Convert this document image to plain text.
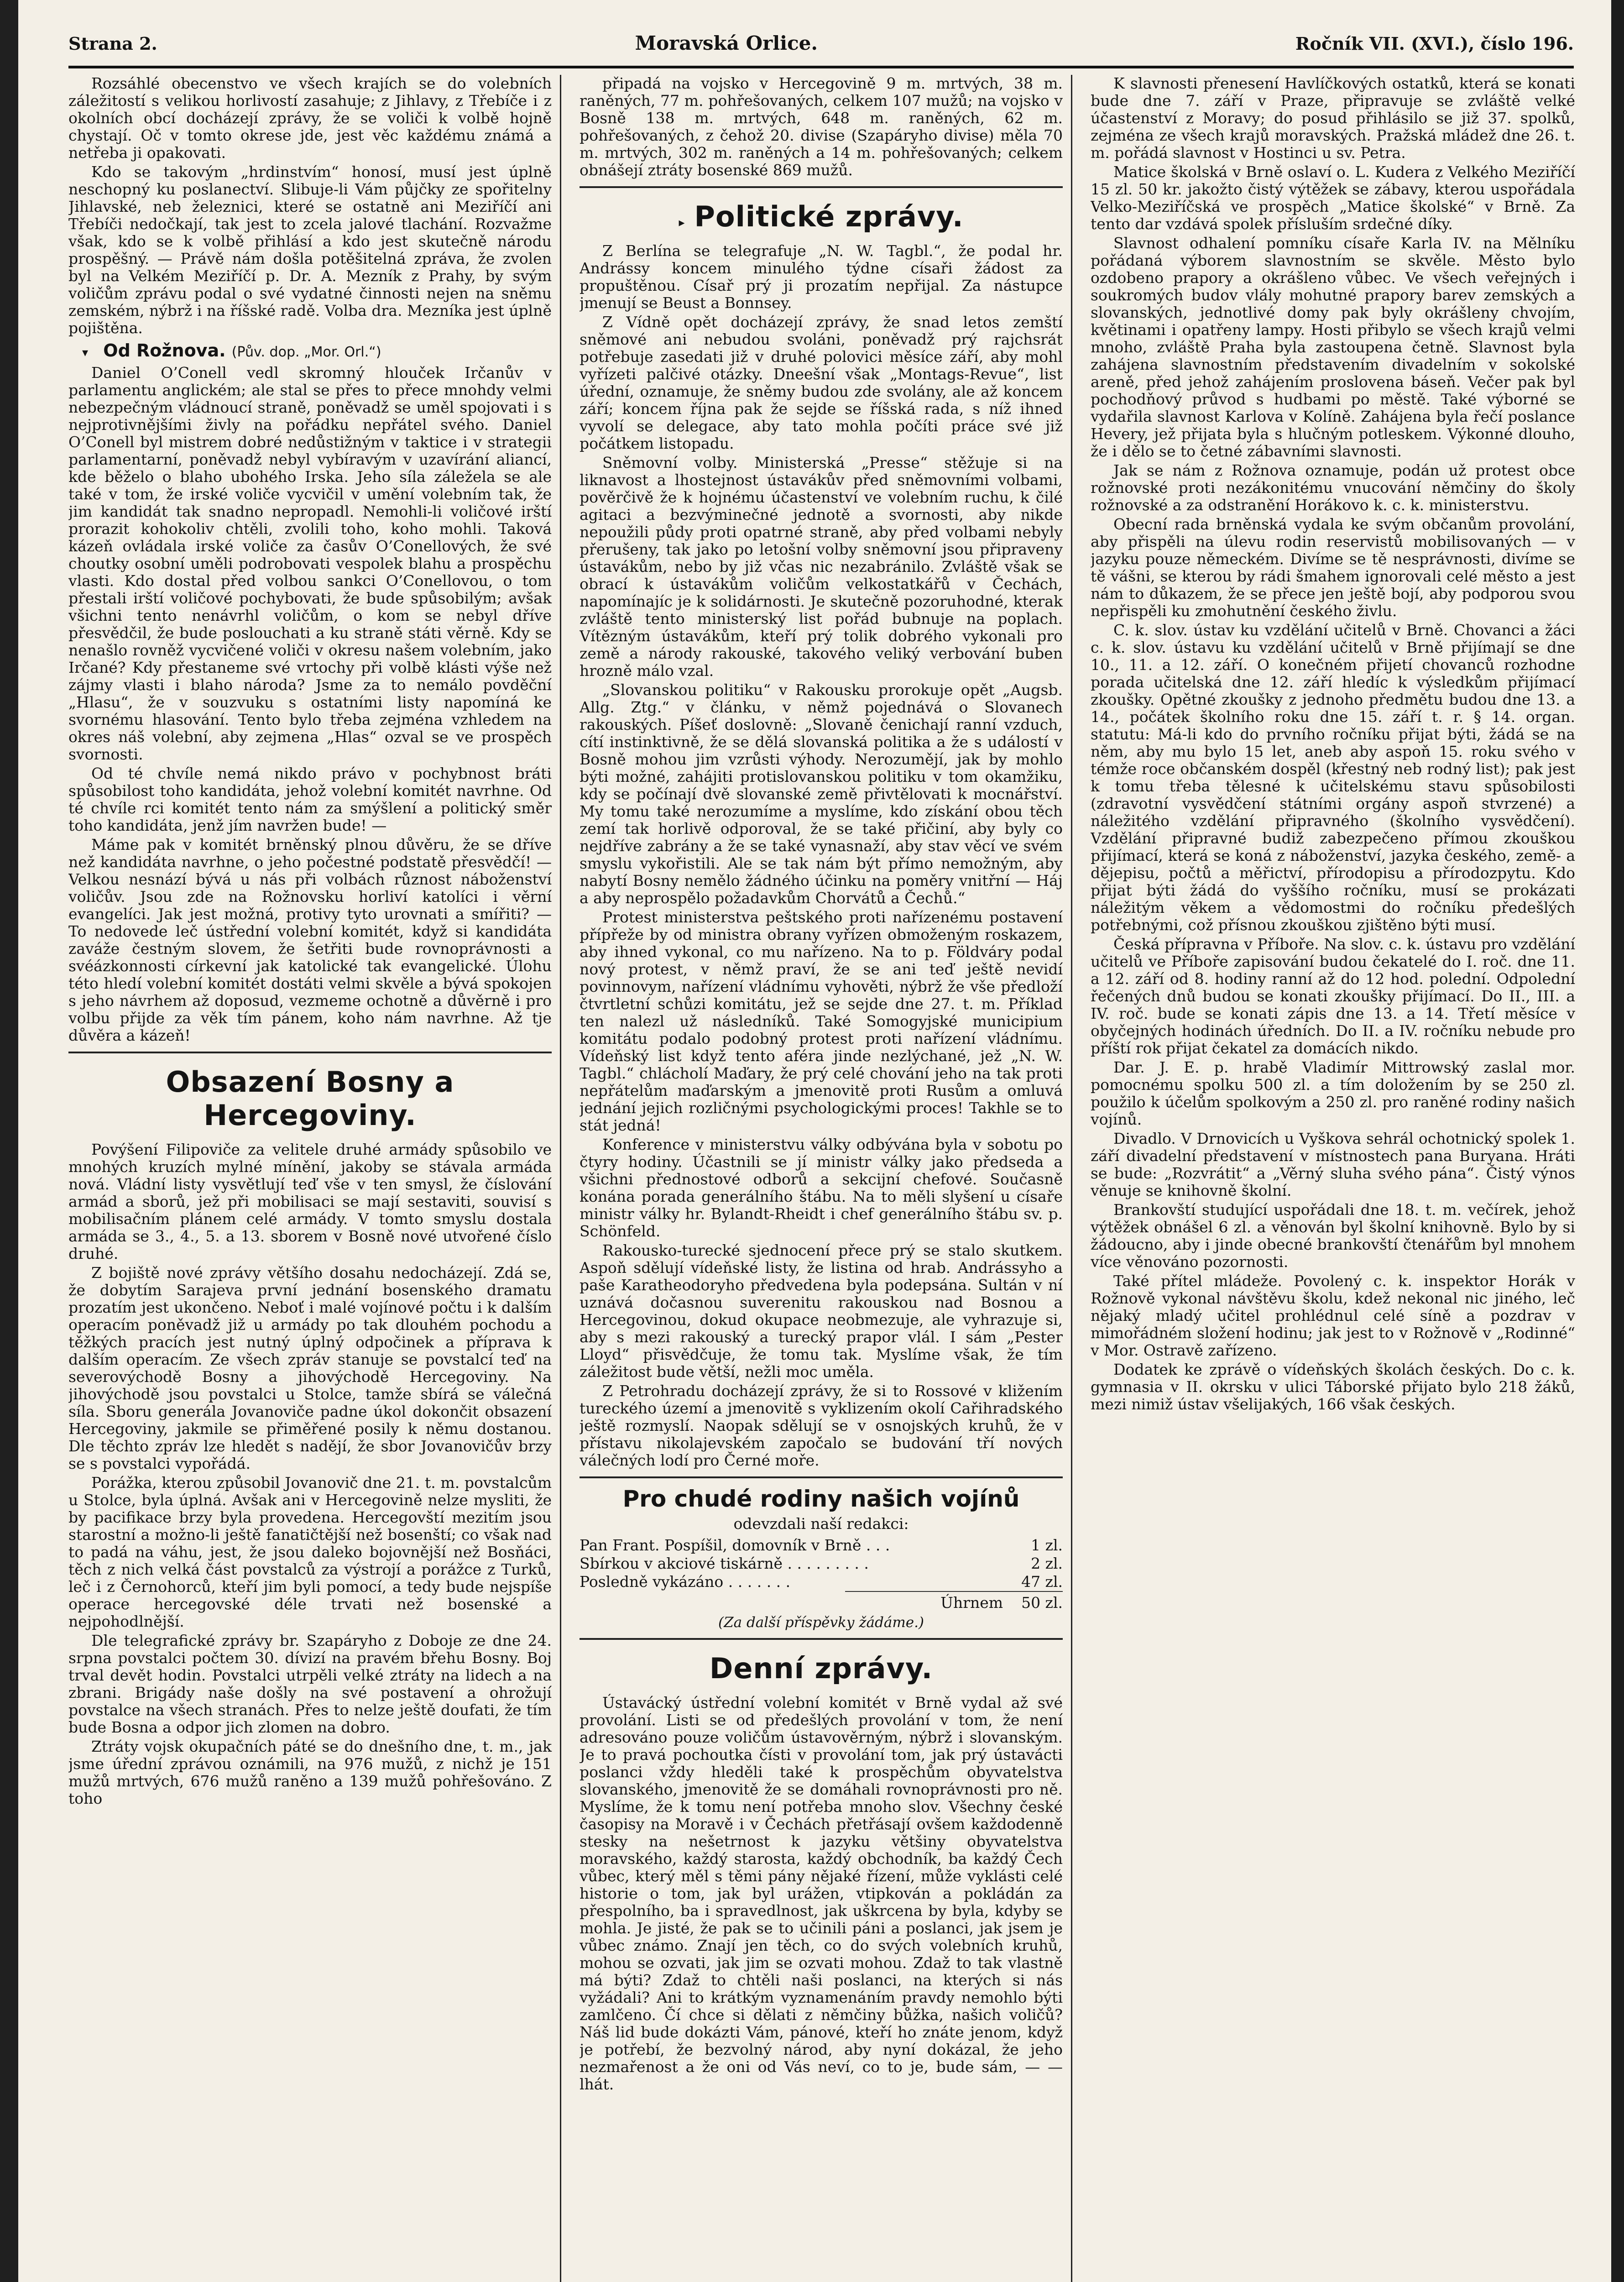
Strana 2.	Moravská Orlice.	Ročník VII. (XVI.), číslo 196.

Rozsáhlé obecenstvo ve všech krajích se do volebních záležitostí s velikou horlivostí zasahuje; z Jihlavy, z Třebíče i z okolních obcí docházejí zprávy, že se voliči k volbě hojně chystají. Oč v tomto okrese jde, jest věc každému známá a netřeba ji opakovati.

Kdo se takovým „hrdinstvím“ honosí, musí jest úplně neschopný ku poslanectví. Slibuje-li Vám půjčky ze spořitelny Jihlavské, neb železnici, které se ostatně ani Meziříčí ani Třebíči nedočkají, tak jest to zcela jalové tlachání. Rozvažme však, kdo se k volbě přihlásí a kdo jest skutečně národu prospěšný. — Právě nám došla potěšitelná zpráva, že zvolen byl na Velkém Meziříčí p. Dr. A. Mezník z Prahy, by svým voličům zprávu podal o své vydatné činnosti nejen na sněmu zemském, nýbrž i na říšské radě. Volba dra. Mezníka jest úplně pojištěna.

▾ Od Rožnova. (Pův. dop. „Mor. Orl.“)

Daniel O’Conell vedl skromný hlouček Irčanův v parlamentu anglickém; ale stal se přes to přece mnohdy velmi nebezpečným vládnoucí straně, poněvadž se uměl spojovati i s nejprotivnějšími živly na pořádku nepřátel svého. Daniel O’Conell byl mistrem dobré nedůstižným v taktice i v strategii parlamentarní, poněvadž nebyl vybíravým v uzavírání aliancí, kde běželo o blaho ubohého Irska. Jeho síla záležela se ale také v tom, že irské voliče vycvičil v umění volebním tak, že jim kandidát tak snadno nepropadl. Nemohli-li voličové irští prorazit kohokoliv chtěli, zvolili toho, koho mohli. Taková kázeň ovládala irské voliče za časův O’Conellových, že své choutky osobní uměli podrobovati vespolek blahu a prospěchu vlasti. Kdo dostal před volbou sankci O’Conellovou, o tom přestali irští voličové pochybovati, že bude spůsobilým; avšak všichni tento nenávrhl voličům, o kom se nebyl dříve přesvědčil, že bude poslouchati a ku straně státi věrně. Kdy se nenašlo rovněž vycvičené voliči v okresu našem volebním, jako Irčané? Kdy přestaneme své vrtochy při volbě klásti výše než zájmy vlasti i blaho národa? Jsme za to nemálo povděční „Hlasu“, že v souzvuku s ostatními listy napomíná ke svornému hlasování. Tento bylo třeba zejména vzhledem na okres náš volební, aby zejmena „Hlas“ ozval se ve prospěch svornosti.

Od té chvíle nemá nikdo právo v pochybnost bráti spůsobilost toho kandidáta, jehož volební komitét navrhne. Od té chvíle rci komitét tento nám za smýšlení a politický směr toho kandidáta, jenž jím navržen bude! —

Máme pak v komitét brněnský plnou důvěru, že se dříve než kandidáta navrhne, o jeho počestné podstatě přesvědčí! — Velkou nesnází bývá u nás při volbách různost náboženství voličův. Jsou zde na Rožnovsku horliví katolíci i věrní evangelíci. Jak jest možná, protivy tyto urovnati a smířiti? — To nedovede leč ústřední volební komitét, když si kandidáta zaváže čestným slovem, že šetřiti bude rovnoprávnosti a svéázkonnosti církevní jak katolické tak evangelické. Úlohu této hledí volební komitét dostáti velmi skvěle a bývá spokojen s jeho návrhem až doposud, vezmeme ochotně a důvěrně i pro volbu přijde za věk tím pánem, koho nám navrhne. Až tje důvěra a kázeň!

Obsazení Bosny a Hercegoviny.

Povýšení Filipoviče za velitele druhé armády spůsobilo ve mnohých kruzích mylné mínění, jakoby se stávala armáda nová. Vládní listy vysvětlují teď vše v ten smysl, že číslování armád a sborů, jež při mobilisaci se mají sestaviti, souvisí s mobilisačním plánem celé armády. V tomto smyslu dostala armáda se 3., 4., 5. a 13. sborem v Bosně nové utvořené číslo druhé.

Z bojiště nové zprávy většího dosahu nedocházejí. Zdá se, že dobytím Sarajeva první jednání bosenského dramatu prozatím jest ukončeno. Neboť i malé vojínové počtu i k dalším operacím poněvadž již u armády po tak dlouhém pochodu a těžkých pracích jest nutný úplný odpočinek a příprava k dalším operacím. Ze všech zpráv stanuje se povstalcí teď na severovýchodě Bosny a jihovýchodě Hercegoviny. Na jihovýchodě jsou povstalci u Stolce, tamže sbírá se válečná síla. Sboru generála Jovanoviče padne úkol dokončit obsazení Hercegoviny, jakmile se přiměřené posily k němu dostanou. Dle těchto zpráv lze hledět s nadějí, že sbor Jovanovičův brzy se s povstalci vypořádá.

Porážka, kterou způsobil Jovanovič dne 21. t. m. povstalcům u Stolce, byla úplná. Avšak ani v Hercegovině nelze mysliti, že by pacifikace brzy byla provedena. Hercegovští mezitím jsou starostní a možno-li ještě fanatičtější než bosenští; co však nad to padá na váhu, jest, že jsou daleko bojovnější než Bosňáci, těch z nich velká část povstalců za výstrojí a porážce z Turků, leč i z Černohorců, kteří jim byli pomocí, a tedy bude nejspíše operace hercegovské déle trvati než bosenské a nejpohodlnější.

Dle telegrafické zprávy br. Szapáryho z Doboje ze dne 24. srpna povstalci počtem 30. dívizí na pravém břehu Bosny. Boj trval devět hodin. Povstalci utrpěli velké ztráty na lidech a na zbrani. Brigády naše došly na své postavení a ohrožují povstalce na všech stranách. Přes to nelze ještě doufati, že tím bude Bosna a odpor jich zlomen na dobro.

Ztráty vojsk okupačních páté se do dnešního dne, t. m., jak jsme úřední zprávou oznámili, na 976 mužů, z nichž je 151 mužů mrtvých, 676 mužů raněno a 139 mužů pohřešováno. Z toho

připadá na vojsko v Hercegovině 9 m. mrtvých, 38 m. raněných, 77 m. pohřešovaných, celkem 107 mužů; na vojsko v Bosně 138 m. mrtvých, 648 m. raněných, 62 m. pohřešovaných, z čehož 20. divise (Szapáryho divise) měla 70 m. mrtvých, 302 m. raněných a 14 m. pohřešovaných; celkem obnášejí ztráty bosenské 869 mužů.

▸ Politické zprávy.

Z Berlína se telegrafuje „N. W. Tagbl.“, že podal hr. Andrássy koncem minulého týdne císaři žádost za propuštěnou. Císař prý ji prozatím nepřijal. Za nástupce jmenují se Beust a Bonnsey.

Z Vídně opět docházejí zprávy, že snad letos zemští sněmové ani nebudou svoláni, poněvadž prý rajchsrát potřebuje zasedati již v druhé polovici měsíce září, aby mohl vyřízeti palčivé otázky. Dneešní však „Montags-Revue“, list úřední, oznamuje, že sněmy budou zde svolány, ale až koncem září; koncem října pak že sejde se říšská rada, s níž ihned vyvolí se delegace, aby tato mohla počíti práce své již počátkem listopadu.

Sněmovní volby. Ministerská „Presse“ stěžuje si na liknavost a lhostejnost ústavákův před sněmovními volbami, pověrčivě že k hojnému účastenství ve volebním ruchu, k čilé agitaci a bezvýminečné jednotě a svornosti, aby nikde nepoužili půdy proti opatrné straně, aby před volbami nebyly přerušeny, tak jako po letošní volby sněmovní jsou připraveny ústavákům, nebo by již včas nic nezabránilo. Zvláště však se obrací k ústavákům voličům velkostatkářů v Čechách, napomínajíc je k solidárnosti. Je skutečně pozoruhodné, kterak zvláště tento ministerský list pořád bubnuje na poplach. Vítězným ústavákům, kteří prý tolik dobrého vykonali pro země a národy rakouské, takového veliký verbování buben hrozně málo vzal.

„Slovanskou politiku“ v Rakousku prorokuje opět „Augsb. Allg. Ztg.“ v článku, v němž pojednává o Slovanech rakouských. Píšeť doslovně: „Slovaně čenichají ranní vzduch, cítí instinktivně, že se dělá slovanská politika a že s událostí v Bosně mohou jim vzrůsti výhody. Nerozumějí, jak by mohlo býti možné, zahájiti protislovanskou politiku v tom okamžiku, kdy se počínají dvě slovanské země přivtělovati k mocnářství. My tomu také nerozumíme a myslíme, kdo získání obou těch zemí tak horlivě odporoval, že se také přičiní, aby byly co nejdříve zabrány a že se také vynasnaží, aby stav věcí ve svém smyslu vykořistili. Ale se tak nám být přímo nemožným, aby nabytí Bosny nemělo žádného účinku na poměry vnitřní — Háj a aby neprospělo požadavkům Chorvátů a Čechů.“

Protest ministerstva peštského proti nařízenému postavení přípřeže by od ministra obrany vyřízen obmoženým roskazem, aby ihned vykonal, co mu nařízeno. Na to p. Földváry podal nový protest, v němž praví, že se ani teď ještě nevidí povinnovym, nařízení vládnímu vyhověti, nýbrž že vše předloží čtvrtletní schůzi komitátu, jež se sejde dne 27. t. m. Příklad ten nalezl už následníků. Také Somogyjské municipium komitátu podalo podobný protest proti nařízení vládnímu. Vídeňský list když tento aféra jinde nezlýchané, jež „N. W. Tagbl.“ chlácholí Maďary, že prý celé chování jeho na tak proti nepřátelům maďarským a jmenovitě proti Rusům a omluvá jednání jejich rozličnými psychologickými proces! Takhle se to stát jedná!

Konference v ministerstvu války odbývána byla v sobotu po čtyry hodiny. Účastnili se jí ministr války jako předseda a všichni přednostové odborů a sekcijní chefové. Současně konána porada generálního štábu. Na to měli slyšení u císaře ministr války hr. Bylandt-Rheidt i chef generálního štábu sv. p. Schönfeld.

Rakousko-turecké sjednocení přece prý se stalo skutkem. Aspoň sdělují vídeňské listy, že listina od hrab. Andrássyho a paše Karatheodoryho předvedena byla podepsána. Sultán v ní uznává dočasnou suverenitu rakouskou nad Bosnou a Hercegovinou, dokud okupace neobmezuje, ale vyhrazuje si, aby s mezi rakouský a turecký prapor vlál. I sám „Pester Lloyd“ přisvědčuje, že tomu tak. Myslíme však, že tím záležitost bude větší, nežli moc uměla.

Z Petrohradu docházejí zprávy, že si to Rossové v kližením tureckého území a jmenovitě s vyklizením okolí Cařihradského ještě rozmyslí. Naopak sdělují se v osnojských kruhů, že v přístavu nikolajevském započalo se budování tří nových válečných lodí pro Černé moře.

Pro chudé rodiny našich vojínů
odevzdali naší redakci:
Pan Frant. Pospíšil, domovník v Brně . . .	1 zl.
Sbírkou v akciové tiskárně . . . . . . . . .	2 zl.
Posledně vykázáno . . . . . . .	47 zl.
Úhrnem 50 zl.
(Za další příspěvky žádáme.)
Denní zprávy.

Ústavácký ústřední volební komitét v Brně vydal až své provolání. Listi se od předešlých provolání v tom, že není adresováno pouze voličům ústavověrným, nýbrž i slovanským. Je to pravá pochoutka čísti v provolání tom, jak prý ústavácti poslanci vždy hleděli také k prospěchům obyvatelstva slovanského, jmenovitě že se domáhali rovnoprávnosti pro ně. Myslíme, že k tomu není potřeba mnoho slov. Všechny české časopisy na Moravě i v Čechách přetřásají ovšem každodenně stesky na nešetrnost k jazyku většiny obyvatelstva moravského, každý starosta, každý obchodník, ba každý Čech vůbec, který měl s těmi pány nějaké řízení, může vyklásti celé historie o tom, jak byl urážen, vtipkován a pokládán za přespolního, ba i spravedlnost, jak uškrcena by byla, kdyby se mohla. Je jisté, že pak se to učinili páni a poslanci, jak jsem je vůbec známo. Znají jen těch, co do svých volebních kruhů, mohou se ozvati, jak jim se ozvati mohou. Zdaž to tak vlastně má býti? Zdaž to chtěli naši poslanci, na kterých si nás vyžádali? Ani to krátkým vyznamenáním pravdy nemohlo býti zamlčeno. Čí chce si dělati z němčiny bůžka, našich voličů? Náš lid bude dokázti Vám, pánové, kteří ho znáte jenom, když je potřebí, že bezvolný národ, aby nyní dokázal, že jeho nezmařenost a že oni od Vás neví, co to je, bude sám, — — lhát.

K slavnosti přenesení Havlíčkových ostatků, která se konati bude dne 7. září v Praze, připravuje se zvláště velké účastenství z Moravy; do posud přihlásilo se již 37. spolků, zejména ze všech krajů moravských. Pražská mládež dne 26. t. m. pořádá slavnost v Hostinci u sv. Petra.

Matice školská v Brně oslaví o. L. Kudera z Velkého Meziříčí 15 zl. 50 kr. jakožto čistý výtěžek se zábavy, kterou uspořádala Velko-Meziříčská ve prospěch „Matice školské“ v Brně. Za tento dar vzdává spolek přísluším srdečné díky.

Slavnost odhalení pomníku císaře Karla IV. na Mělníku pořádaná výborem slavnostním se skvěle. Město bylo ozdobeno prapory a okrášleno vůbec. Ve všech veřejných i soukromých budov vlály mohutné prapory barev zemských a slovanských, jednotlivé domy pak byly okrášleny chvojím, květinami i opatřeny lampy. Hosti přibylo se všech krajů velmi mnoho, zvláště Praha byla zastoupena četně. Slavnost byla zahájena slavnostním představením divadelním v sokolské areně, před jehož zahájením proslovena báseň. Večer pak byl pochodňový průvod s hudbami po městě. Také výborné se vydařila slavnost Karlova v Kolíně. Zahájena byla řečí poslance Hevery, jež přijata byla s hlučným potleskem. Výkonné dlouho, že i dělo se to četné zábavními slavnosti.

Jak se nám z Rožnova oznamuje, podán už protest obce rožnovské proti nezákonitému vnucování němčiny do školy rožnovské a za odstranění Horákovo k. c. k. ministerstvu.

Obecní rada brněnská vydala ke svým občanům provolání, aby přispěli na úlevu rodin reservistů mobilisovaných — v jazyku pouze německém. Divíme se tě nesprávnosti, divíme se tě vášni, se kterou by rádi šmahem ignorovali celé město a jest nám to důkazem, že se přece jen ještě bojí, aby podporou svou nepřispěli ku zmohutnění českého živlu.

C. k. slov. ústav ku vzdělání učitelů v Brně. Chovanci a žáci c. k. slov. ústavu ku vzdělání učitelů v Brně přijímají se dne 10., 11. a 12. září. O konečném přijetí chovanců rozhodne porada učitelská dne 12. září hledíc k výsledkům přijímací zkoušky. Opětné zkoušky z jednoho předmětu budou dne 13. a 14., počátek školního roku dne 15. září t. r. § 14. organ. statutu: Má-li kdo do prvního ročníku přijat býti, žádá se na něm, aby mu bylo 15 let, aneb aby aspoň 15. roku svého v témže roce občanském dospěl (křestný neb rodný list); pak jest k tomu třeba tělesné k učitelskému stavu spůsobilosti (zdravotní vysvědčení státními orgány aspoň stvrzené) a náležitého vzdělání připravného (školního vysvědčení). Vzdělání připravné budiž zabezpečeno přímou zkouškou přijímací, která se koná z náboženství, jazyka českého, země- a dějepisu, počtů a měřictví, přírodopisu a přírodozpytu. Kdo přijat býti žádá do vyššího ročníku, musí se prokázati náležitým věkem a vědomostmi do ročníku předešlých potřebnými, což přísnou zkouškou zjištěno býti musí.

Česká přípravna v Příboře. Na slov. c. k. ústavu pro vzdělání učitelů ve Příboře zapisování budou čekatelé do I. roč. dne 11. a 12. září od 8. hodiny ranní až do 12 hod. polední. Odpolední řečených dnů budou se konati zkoušky přijímací. Do II., III. a IV. roč. bude se konati zápis dne 13. a 14. Třetí měsíce v obyčejných hodinách úředních. Do II. a IV. ročníku nebude pro příští rok přijat čekatel za domácích nikdo.

Dar. J. E. p. hrabě Vladimír Mittrowský zaslal mor. pomocnému spolku 500 zl. a tím doložením by se 250 zl. použilo k účelům spolkovým a 250 zl. pro raněné rodiny našich vojínů.

Divadlo. V Drnovicích u Vyškova sehrál ochotnický spolek 1. září divadelní představení v místnostech pana Buryana. Hráti se bude: „Rozvrátit“ a „Věrný sluha svého pána“. Čistý výnos věnuje se knihovně školní.

Brankovští studující uspořádali dne 18. t. m. večírek, jehož výtěžek obnášel 6 zl. a věnován byl školní knihovně. Bylo by si žádoucno, aby i jinde obecné brankovští čtenářům byl mnohem více věnováno pozornosti.

Také přítel mládeže. Povolený c. k. inspektor Horák v Rožnově vykonal návštěvu školu, kdež nekonal nic jiného, leč nějaký mladý učitel prohlédnul celé síně a pozdrav v mimořádném složení hodinu; jak jest to v Rožnově v „Rodinné“ v Mor. Ostravě zařízeno.

Dodatek ke zprávě o vídeňských školách českých. Do c. k. gymnasia v II. okrsku v ulici Táborské přijato bylo 218 žáků, mezi nimiž ústav všelijakých, 166 však českých.
